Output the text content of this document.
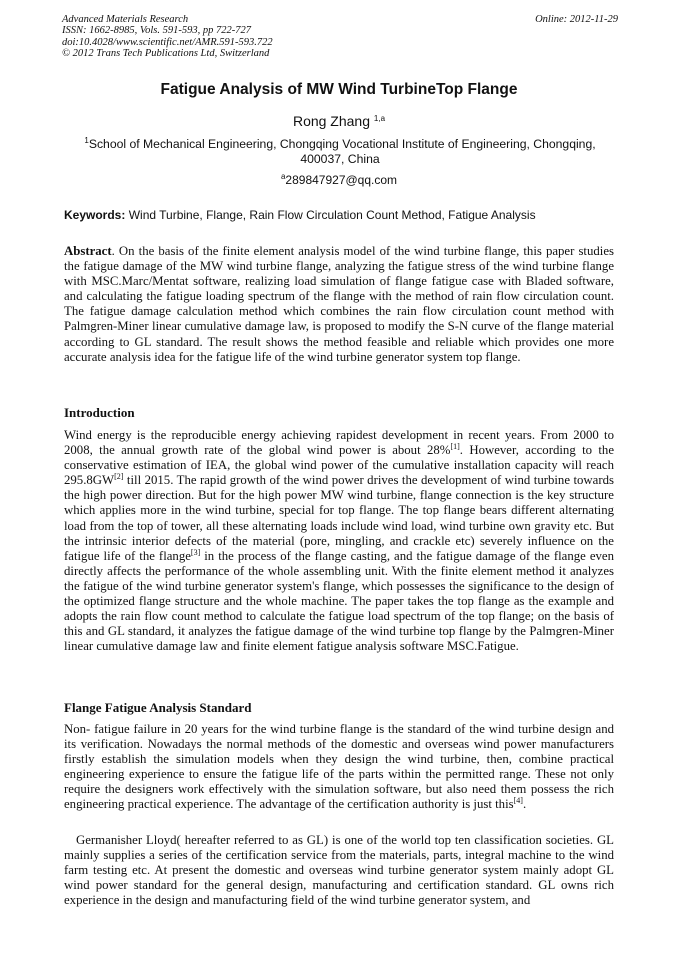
Advanced Materials Research
ISSN: 1662-8985, Vols. 591-593, pp 722-727
doi:10.4028/www.scientific.net/AMR.591-593.722
© 2012 Trans Tech Publications Ltd, Switzerland
Online: 2012-11-29
Fatigue Analysis of MW Wind TurbineTop Flange
Rong Zhang $^{1,a}$
$^1$School of Mechanical Engineering, Chongqing Vocational Institute of Engineering, Chongqing,
400037, China
$^a$289847927@qq.com
Keywords: Wind Turbine, Flange, Rain Flow Circulation Count Method, Fatigue Analysis
Abstract. On the basis of the finite element analysis model of the wind turbine flange, this paper studies the fatigue damage of the MW wind turbine flange, analyzing the fatigue stress of the wind turbine flange with MSC.Marc/Mentat software, realizing load simulation of flange fatigue case with Bladed software, and calculating the fatigue loading spectrum of the flange with the method of rain flow circulation count. The fatigue damage calculation method which combines the rain flow circulation count method with Palmgren-Miner linear cumulative damage law, is proposed to modify the S-N curve of the flange material according to GL standard. The result shows the method feasible and reliable which provides one more accurate analysis idea for the fatigue life of the wind turbine generator system top flange.
Introduction
Wind energy is the reproducible energy achieving rapidest development in recent years. From 2000 to 2008, the annual growth rate of the global wind power is about 28%[1]. However, according to the conservative estimation of IEA, the global wind power of the cumulative installation capacity will reach 295.8GW[2] till 2015. The rapid growth of the wind power drives the development of wind turbine towards the high power direction. But for the high power MW wind turbine, flange connection is the key structure which applies more in the wind turbine, special for top flange. The top flange bears different alternating load from the top of tower, all these alternating loads include wind load, wind turbine own gravity etc. But the intrinsic interior defects of the material (pore, mingling, and crackle etc) severely influence on the fatigue life of the flange[3] in the process of the flange casting, and the fatigue damage of the flange even directly affects the performance of the whole assembling unit. With the finite element method it analyzes the fatigue of the wind turbine generator system's flange, which possesses the significance to the design of the optimized flange structure and the whole machine. The paper takes the top flange as the example and adopts the rain flow count method to calculate the fatigue load spectrum of the top flange; on the basis of this and GL standard, it analyzes the fatigue damage of the wind turbine top flange by the Palmgren-Miner linear cumulative damage law and finite element fatigue analysis software MSC.Fatigue.
Flange Fatigue Analysis Standard
Non- fatigue failure in 20 years for the wind turbine flange is the standard of the wind turbine design and its verification. Nowadays the normal methods of the domestic and overseas wind power manufacturers firstly establish the simulation models when they design the wind turbine, then, combine practical engineering experience to ensure the fatigue life of the parts within the permitted range. These not only require the designers work effectively with the simulation software, but also need them possess the rich engineering practical experience. The advantage of the certification authority is just this[4].
Germanisher Lloyd( hereafter referred to as GL) is one of the world top ten classification societies. GL mainly supplies a series of the certification service from the materials, parts, integral machine to the wind farm testing etc. At present the domestic and overseas wind turbine generator system mainly adopt GL wind power standard for the general design, manufacturing and certification standard. GL owns rich experience in the design and manufacturing field of the wind turbine generator system, and
